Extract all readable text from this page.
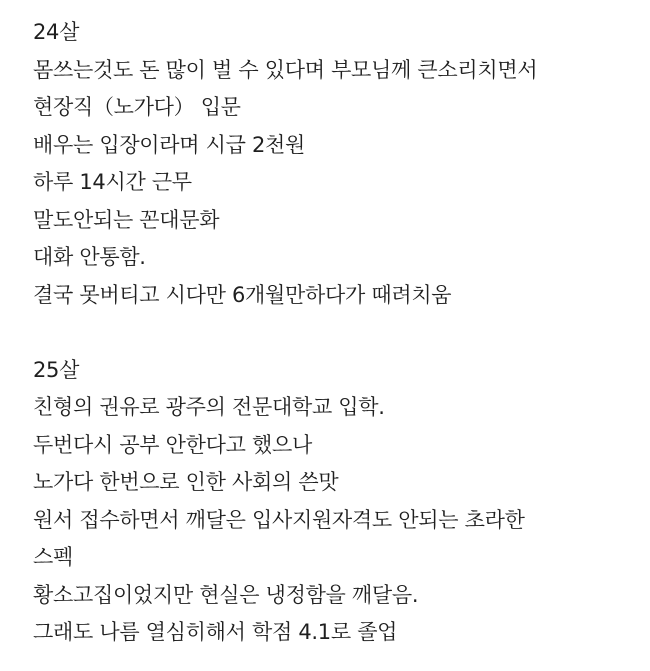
24살
몸쓰는것도 돈 많이 벌 수 있다며 부모님께 큰소리치면서
현장직（노가다） 입문
배우는 입장이라며 시급 2천원
하루 14시간 근무
말도안되는 꼰대문화
대화 안통함.
결국 못버티고 시다만 6개월만하다가 때려치움
25살
친형의 권유로 광주의 전문대학교 입학.
두번다시 공부 안한다고 했으나
노가다 한번으로 인한 사회의 쓴맛
원서 접수하면서 깨달은 입사지원자격도 안되는 초라한
스펙
황소고집이었지만 현실은 냉정함을 깨달음.
그래도 나름 열심히해서 학점 4.1로 졸업
